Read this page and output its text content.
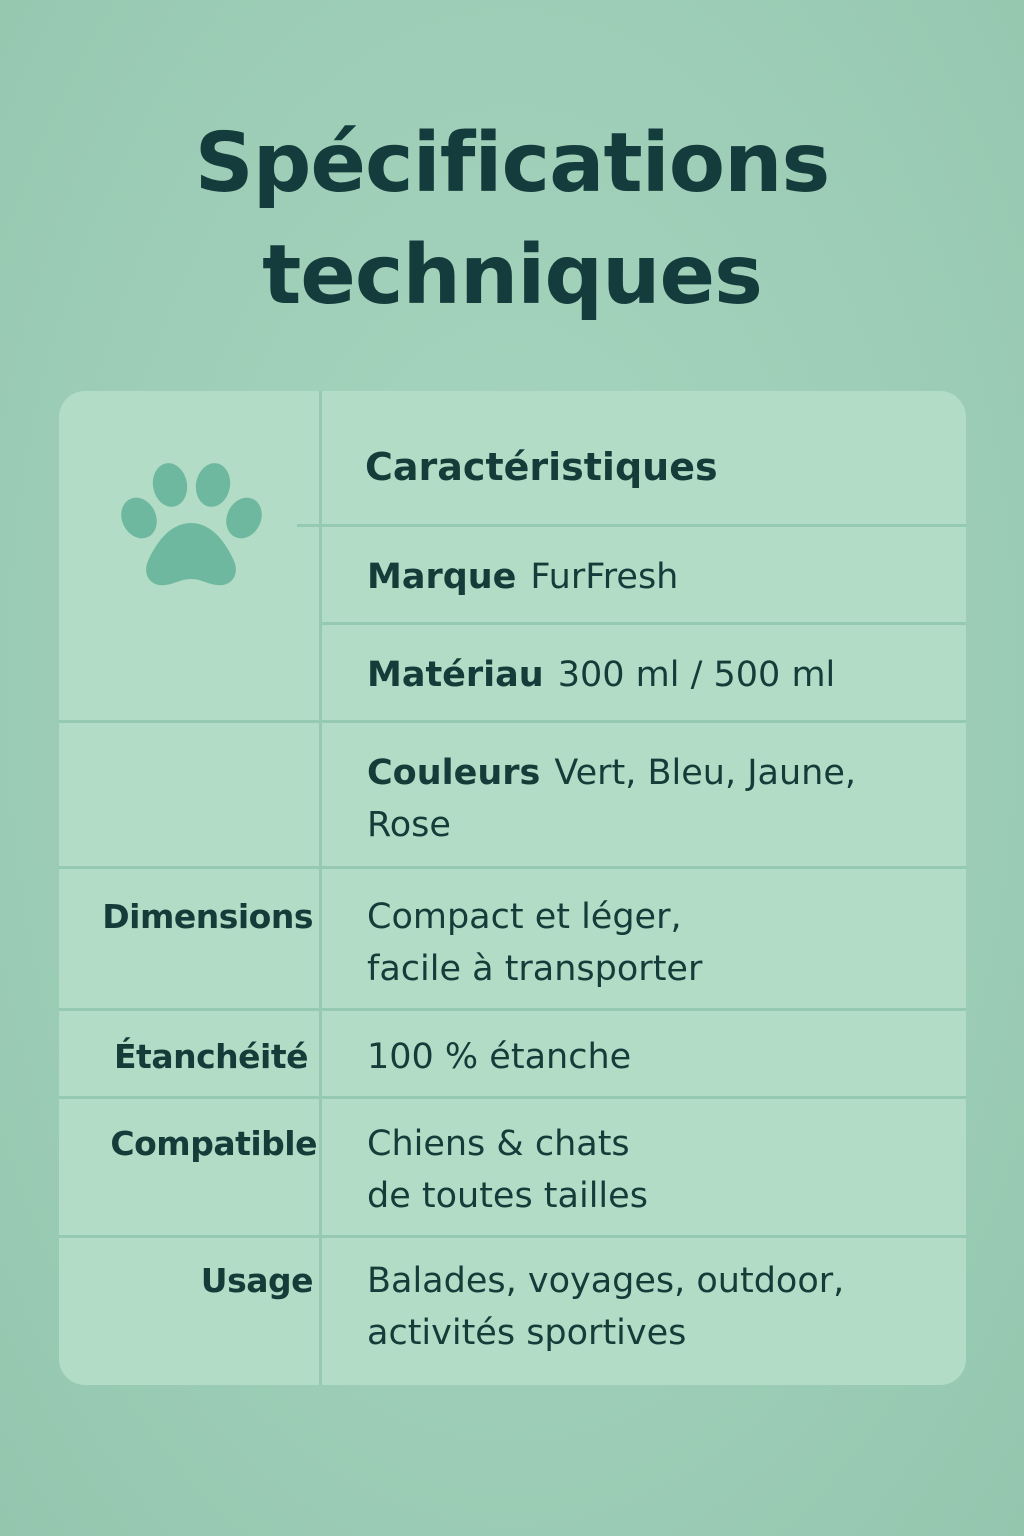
Spécifications
techniques
Caractéristiques
Marque FurFresh
Matériau 300 ml / 500 ml
Couleurs Vert, Bleu, Jaune,
Rose
Dimensions Compact et léger,
facile à transporter
Étanchéité 100 % étanche
Compatible Chiens & chats
de toutes tailles
Usage Balades, voyages, outdoor,
activités sportives
